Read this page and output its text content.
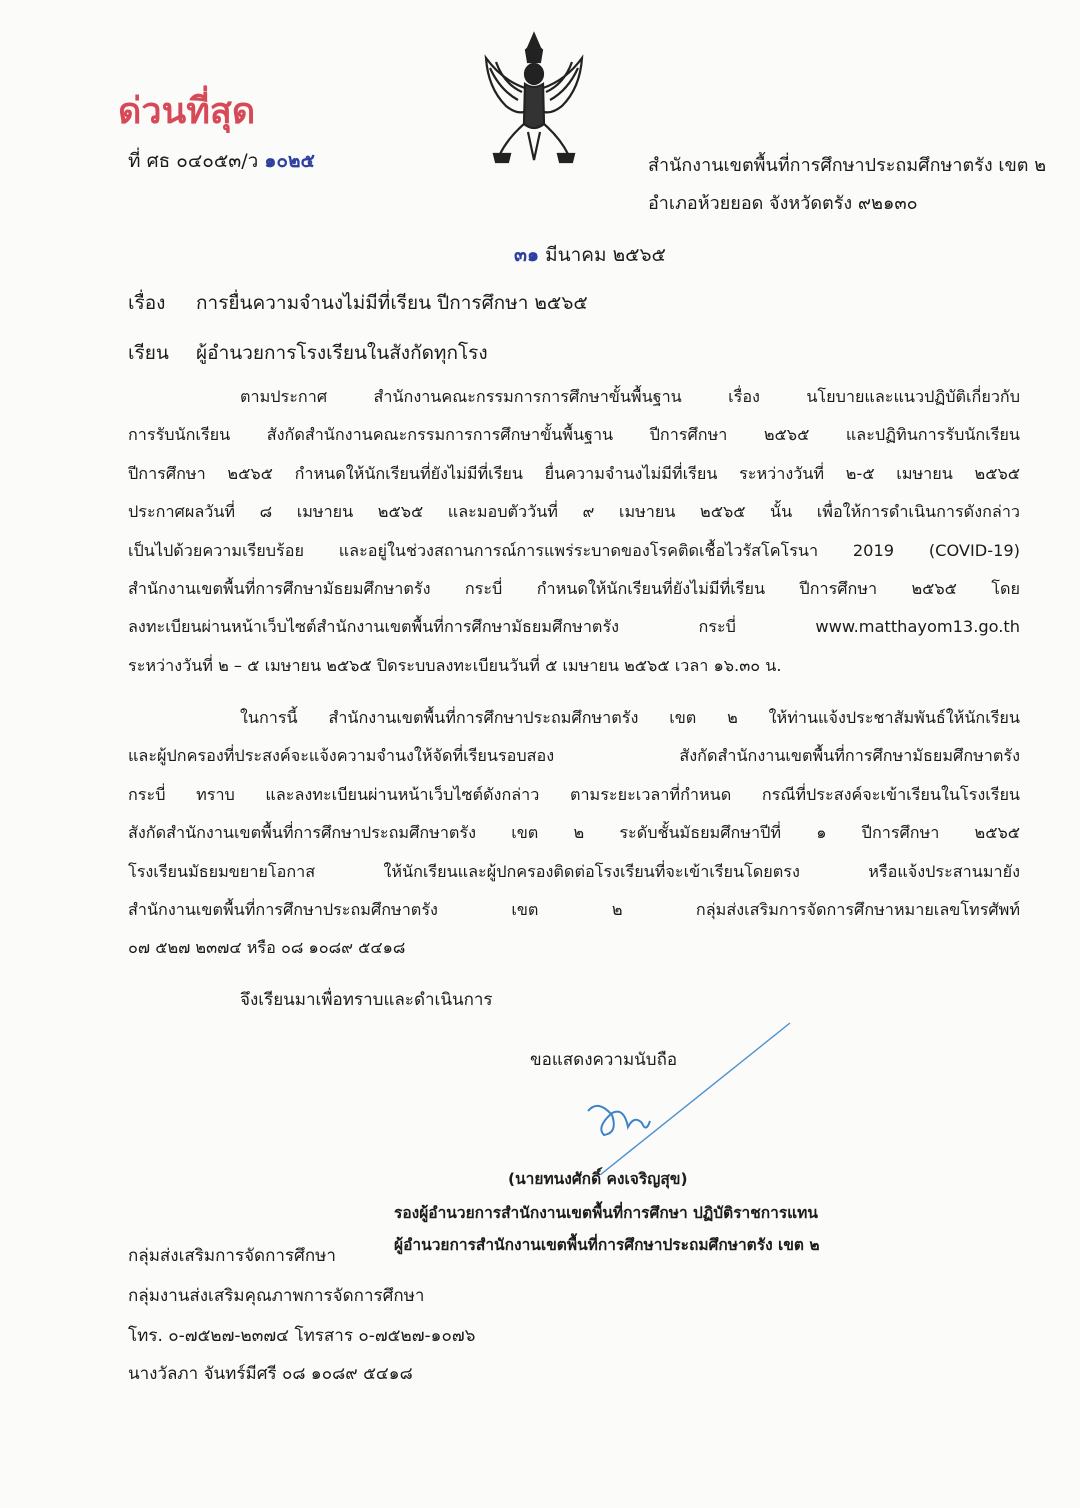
ด่วนที่สุด
ที่ ศธ ๐๔๐๕๓/ว ๑๐๒๕	สำนักงานเขตพื้นที่การศึกษาประถมศึกษาตรัง เขต ๒
อำเภอห้วยยอด จังหวัดตรัง ๙๒๑๓๐
๓๑ มีนาคม ๒๕๖๕
เรื่อง การยื่นความจำนงไม่มีที่เรียน ปีการศึกษา ๒๕๖๕
เรียน ผู้อำนวยการโรงเรียนในสังกัดทุกโรง
ตามประกาศ สำนักงานคณะกรรมการการศึกษาขั้นพื้นฐาน เรื่อง นโยบายและแนวปฏิบัติเกี่ยวกับ
การรับนักเรียน สังกัดสำนักงานคณะกรรมการการศึกษาขั้นพื้นฐาน ปีการศึกษา ๒๕๖๕ และปฏิทินการรับนักเรียน
ปีการศึกษา ๒๕๖๕ กำหนดให้นักเรียนที่ยังไม่มีที่เรียน ยื่นความจำนงไม่มีที่เรียน ระหว่างวันที่ ๒-๕ เมษายน ๒๕๖๕
ประกาศผลวันที่ ๘ เมษายน ๒๕๖๕ และมอบตัววันที่ ๙ เมษายน ๒๕๖๕ นั้น เพื่อให้การดำเนินการดังกล่าว
เป็นไปด้วยความเรียบร้อย และอยู่ในช่วงสถานการณ์การแพร่ระบาดของโรคติดเชื้อไวรัสโคโรนา 2019 (COVID-19)
สำนักงานเขตพื้นที่การศึกษามัธยมศึกษาตรัง กระบี่ กำหนดให้นักเรียนที่ยังไม่มีที่เรียน ปีการศึกษา ๒๕๖๕ โดย
ลงทะเบียนผ่านหน้าเว็บไซต์สำนักงานเขตพื้นที่การศึกษามัธยมศึกษาตรัง กระบี่ www.matthayom13.go.th
ระหว่างวันที่ ๒ – ๕ เมษายน ๒๕๖๕ ปิดระบบลงทะเบียนวันที่ ๕ เมษายน ๒๕๖๕ เวลา ๑๖.๓๐ น.
ในการนี้ สำนักงานเขตพื้นที่การศึกษาประถมศึกษาตรัง เขต ๒ ให้ท่านแจ้งประชาสัมพันธ์ให้นักเรียน
และผู้ปกครองที่ประสงค์จะแจ้งความจำนงให้จัดที่เรียนรอบสอง สังกัดสำนักงานเขตพื้นที่การศึกษามัธยมศึกษาตรัง
กระบี่ ทราบ และลงทะเบียนผ่านหน้าเว็บไซต์ดังกล่าว ตามระยะเวลาที่กำหนด กรณีที่ประสงค์จะเข้าเรียนในโรงเรียน
สังกัดสำนักงานเขตพื้นที่การศึกษาประถมศึกษาตรัง เขต ๒ ระดับชั้นมัธยมศึกษาปีที่ ๑ ปีการศึกษา ๒๕๖๕
โรงเรียนมัธยมขยายโอกาส ให้นักเรียนและผู้ปกครองติดต่อโรงเรียนที่จะเข้าเรียนโดยตรง หรือแจ้งประสานมายัง
สำนักงานเขตพื้นที่การศึกษาประถมศึกษาตรัง เขต ๒ กลุ่มส่งเสริมการจัดการศึกษาหมายเลขโทรศัพท์
๐๗ ๕๒๗ ๒๓๗๔ หรือ ๐๘ ๑๐๘๙ ๕๔๑๘
จึงเรียนมาเพื่อทราบและดำเนินการ
ขอแสดงความนับถือ
(นายทนงศักดิ์ คงเจริญสุข)
รองผู้อำนวยการสำนักงานเขตพื้นที่การศึกษา ปฏิบัติราชการแทน
ผู้อำนวยการสำนักงานเขตพื้นที่การศึกษาประถมศึกษาตรัง เขต ๒
กลุ่มส่งเสริมการจัดการศึกษา
กลุ่มงานส่งเสริมคุณภาพการจัดการศึกษา
โทร. ๐-๗๕๒๗-๒๓๗๔ โทรสาร ๐-๗๕๒๗-๑๐๗๖
นางวัลภา จันทร์มีศรี ๐๘ ๑๐๘๙ ๕๔๑๘
